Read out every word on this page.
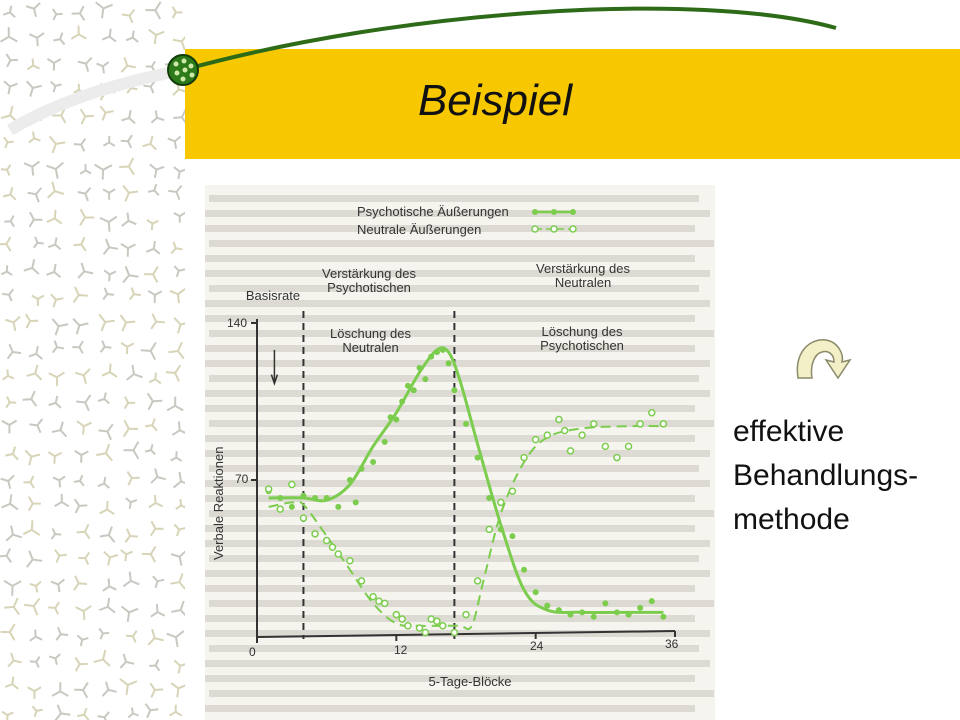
Beispiel
Psychotische Äußerungen
Neutrale Äußerungen
Basisrate
Verstärkung des Psychotischen
Löschung des Neutralen
Verstärkung des Neutralen
Löschung des Psychotischen
Verbale Reaktionen
5-Tage-Blöcke
140
70
0	12	24	36
effektive
Behandlungs-
methode
